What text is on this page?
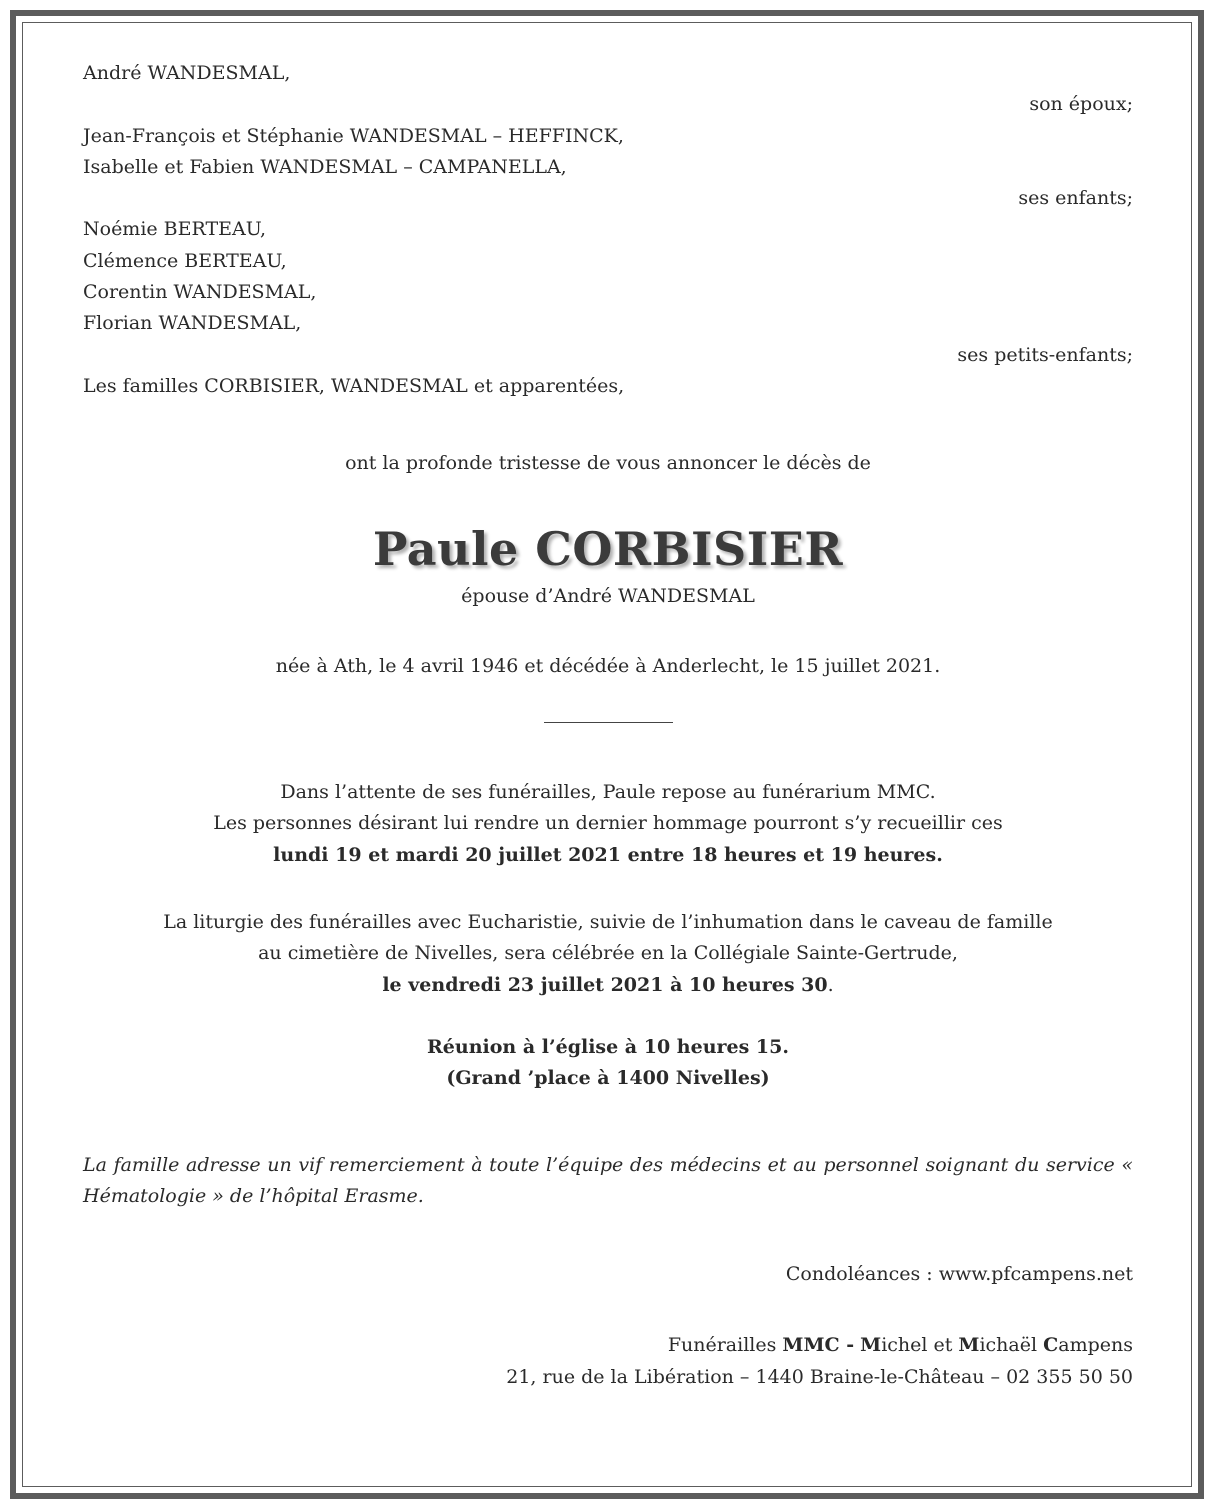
André WANDESMAL,
son époux;
Jean-François et Stéphanie WANDESMAL – HEFFINCK,
Isabelle et Fabien WANDESMAL – CAMPANELLA,
ses enfants;
Noémie BERTEAU,
Clémence BERTEAU,
Corentin WANDESMAL,
Florian WANDESMAL,
ses petits-enfants;
Les familles CORBISIER, WANDESMAL et apparentées,
ont la profonde tristesse de vous annoncer le décès de
Paule CORBISIER
épouse d’André WANDESMAL
née à Ath, le 4 avril 1946 et décédée à Anderlecht, le 15 juillet 2021.
Dans l’attente de ses funérailles, Paule repose au funérarium MMC.
Les personnes désirant lui rendre un dernier hommage pourront s’y recueillir ces
lundi 19 et mardi 20 juillet 2021 entre 18 heures et 19 heures.
La liturgie des funérailles avec Eucharistie, suivie de l’inhumation dans le caveau de famille
au cimetière de Nivelles, sera célébrée en la Collégiale Sainte-Gertrude,
le vendredi 23 juillet 2021 à 10 heures 30.
Réunion à l’église à 10 heures 15.
(Grand ’place à 1400 Nivelles)
La famille adresse un vif remerciement à toute l’équipe des médecins et au personnel soignant du service « Hématologie » de l’hôpital Erasme.
Condoléances : www.pfcampens.net
Funérailles MMC - Michel et Michaël Campens
21, rue de la Libération – 1440 Braine-le-Château – 02 355 50 50
